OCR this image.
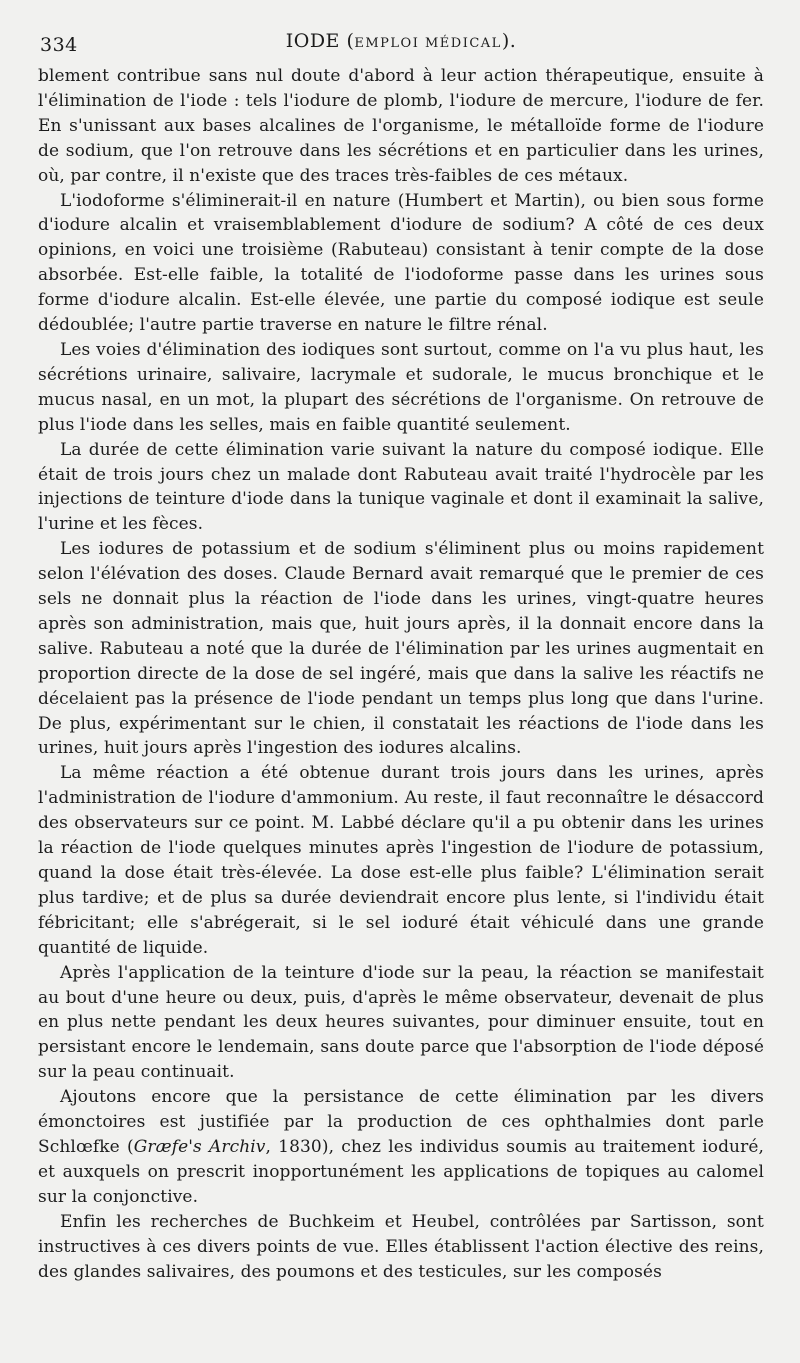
334	IODE (EMPLOI MÉDICAL).

blement contribue sans nul doute d'abord à leur action thérapeutique, ensuite à l'élimination de l'iode : tels l'iodure de plomb, l'iodure de mercure, l'iodure de fer. En s'unissant aux bases alcalines de l'organisme, le métalloïde forme de l'iodure de sodium, que l'on retrouve dans les sécrétions et en particulier dans les urines, où, par contre, il n'existe que des traces très-faibles de ces métaux.

L'iodoforme s'éliminerait-il en nature (Humbert et Martin), ou bien sous forme d'iodure alcalin et vraisemblablement d'iodure de sodium? A côté de ces deux opinions, en voici une troisième (Rabuteau) consistant à tenir compte de la dose absorbée. Est-elle faible, la totalité de l'iodoforme passe dans les urines sous forme d'iodure alcalin. Est-elle élevée, une partie du composé iodique est seule dédoublée; l'autre partie traverse en nature le filtre rénal.

Les voies d'élimination des iodiques sont surtout, comme on l'a vu plus haut, les sécrétions urinaire, salivaire, lacrymale et sudorale, le mucus bronchique et le mucus nasal, en un mot, la plupart des sécrétions de l'organisme. On retrouve de plus l'iode dans les selles, mais en faible quantité seulement.

La durée de cette élimination varie suivant la nature du composé iodique. Elle était de trois jours chez un malade dont Rabuteau avait traité l'hydrocèle par les injections de teinture d'iode dans la tunique vaginale et dont il examinait la salive, l'urine et les fèces.

Les iodures de potassium et de sodium s'éliminent plus ou moins rapidement selon l'élévation des doses. Claude Bernard avait remarqué que le premier de ces sels ne donnait plus la réaction de l'iode dans les urines, vingt-quatre heures après son administration, mais que, huit jours après, il la donnait encore dans la salive. Rabuteau a noté que la durée de l'élimination par les urines augmentait en proportion directe de la dose de sel ingéré, mais que dans la salive les réactifs ne décelaient pas la présence de l'iode pendant un temps plus long que dans l'urine. De plus, expérimentant sur le chien, il constatait les réactions de l'iode dans les urines, huit jours après l'ingestion des iodures alcalins.

La même réaction a été obtenue durant trois jours dans les urines, après l'administration de l'iodure d'ammonium. Au reste, il faut reconnaître le désaccord des observateurs sur ce point. M. Labbé déclare qu'il a pu obtenir dans les urines la réaction de l'iode quelques minutes après l'ingestion de l'iodure de potassium, quand la dose était très-élevée. La dose est-elle plus faible? L'élimination serait plus tardive; et de plus sa durée deviendrait encore plus lente, si l'individu était fébricitant; elle s'abrégerait, si le sel ioduré était véhiculé dans une grande quantité de liquide.

Après l'application de la teinture d'iode sur la peau, la réaction se manifestait au bout d'une heure ou deux, puis, d'après le même observateur, devenait de plus en plus nette pendant les deux heures suivantes, pour diminuer ensuite, tout en persistant encore le lendemain, sans doute parce que l'absorption de l'iode déposé sur la peau continuait.

Ajoutons encore que la persistance de cette élimination par les divers émonctoires est justifiée par la production de ces ophthalmies dont parle Schlœfke (Græfe's Archiv, 1830), chez les individus soumis au traitement ioduré, et auxquels on prescrit inopportunément les applications de topiques au calomel sur la conjonctive.

Enfin les recherches de Buchkeim et Heubel, contrôlées par Sartisson, sont instructives à ces divers points de vue. Elles établissent l'action élective des reins, des glandes salivaires, des poumons et des testicules, sur les composés
